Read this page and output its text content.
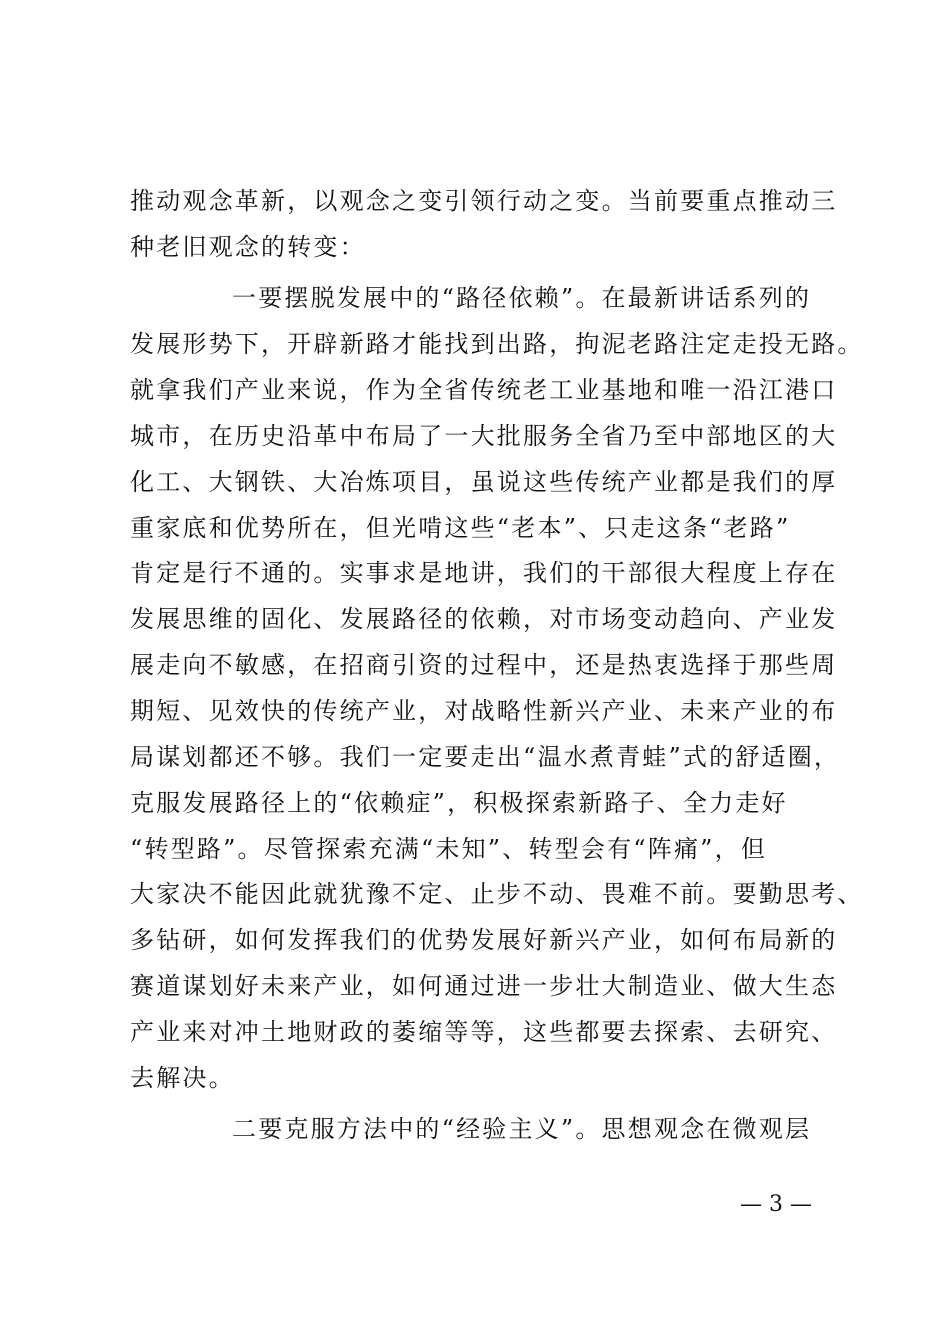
推动观念革新，以观念之变引领行动之变。当前要重点推动三
种老旧观念的转变：
一要摆脱发展中的“路径依赖”。在最新讲话系列的
发展形势下，开辟新路才能找到出路，拘泥老路注定走投无路。
就拿我们产业来说，作为全省传统老工业基地和唯一沿江港口
城市，在历史沿革中布局了一大批服务全省乃至中部地区的大
化工、大钢铁、大冶炼项目，虽说这些传统产业都是我们的厚
重家底和优势所在，但光啃这些“老本”、只走这条“老路”
肯定是行不通的。实事求是地讲，我们的干部很大程度上存在
发展思维的固化、发展路径的依赖，对市场变动趋向、产业发
展走向不敏感，在招商引资的过程中，还是热衷选择于那些周
期短、见效快的传统产业，对战略性新兴产业、未来产业的布
局谋划都还不够。我们一定要走出“温水煮青蛙”式的舒适圈，
克服发展路径上的“依赖症”，积极探索新路子、全力走好
“转型路”。尽管探索充满“未知”、转型会有“阵痛”，但
大家决不能因此就犹豫不定、止步不动、畏难不前。要勤思考、
多钻研，如何发挥我们的优势发展好新兴产业，如何布局新的
赛道谋划好未来产业，如何通过进一步壮大制造业、做大生态
产业来对冲土地财政的萎缩等等，这些都要去探索、去研究、
去解决。
二要克服方法中的“经验主义”。思想观念在微观层
— 3 —
